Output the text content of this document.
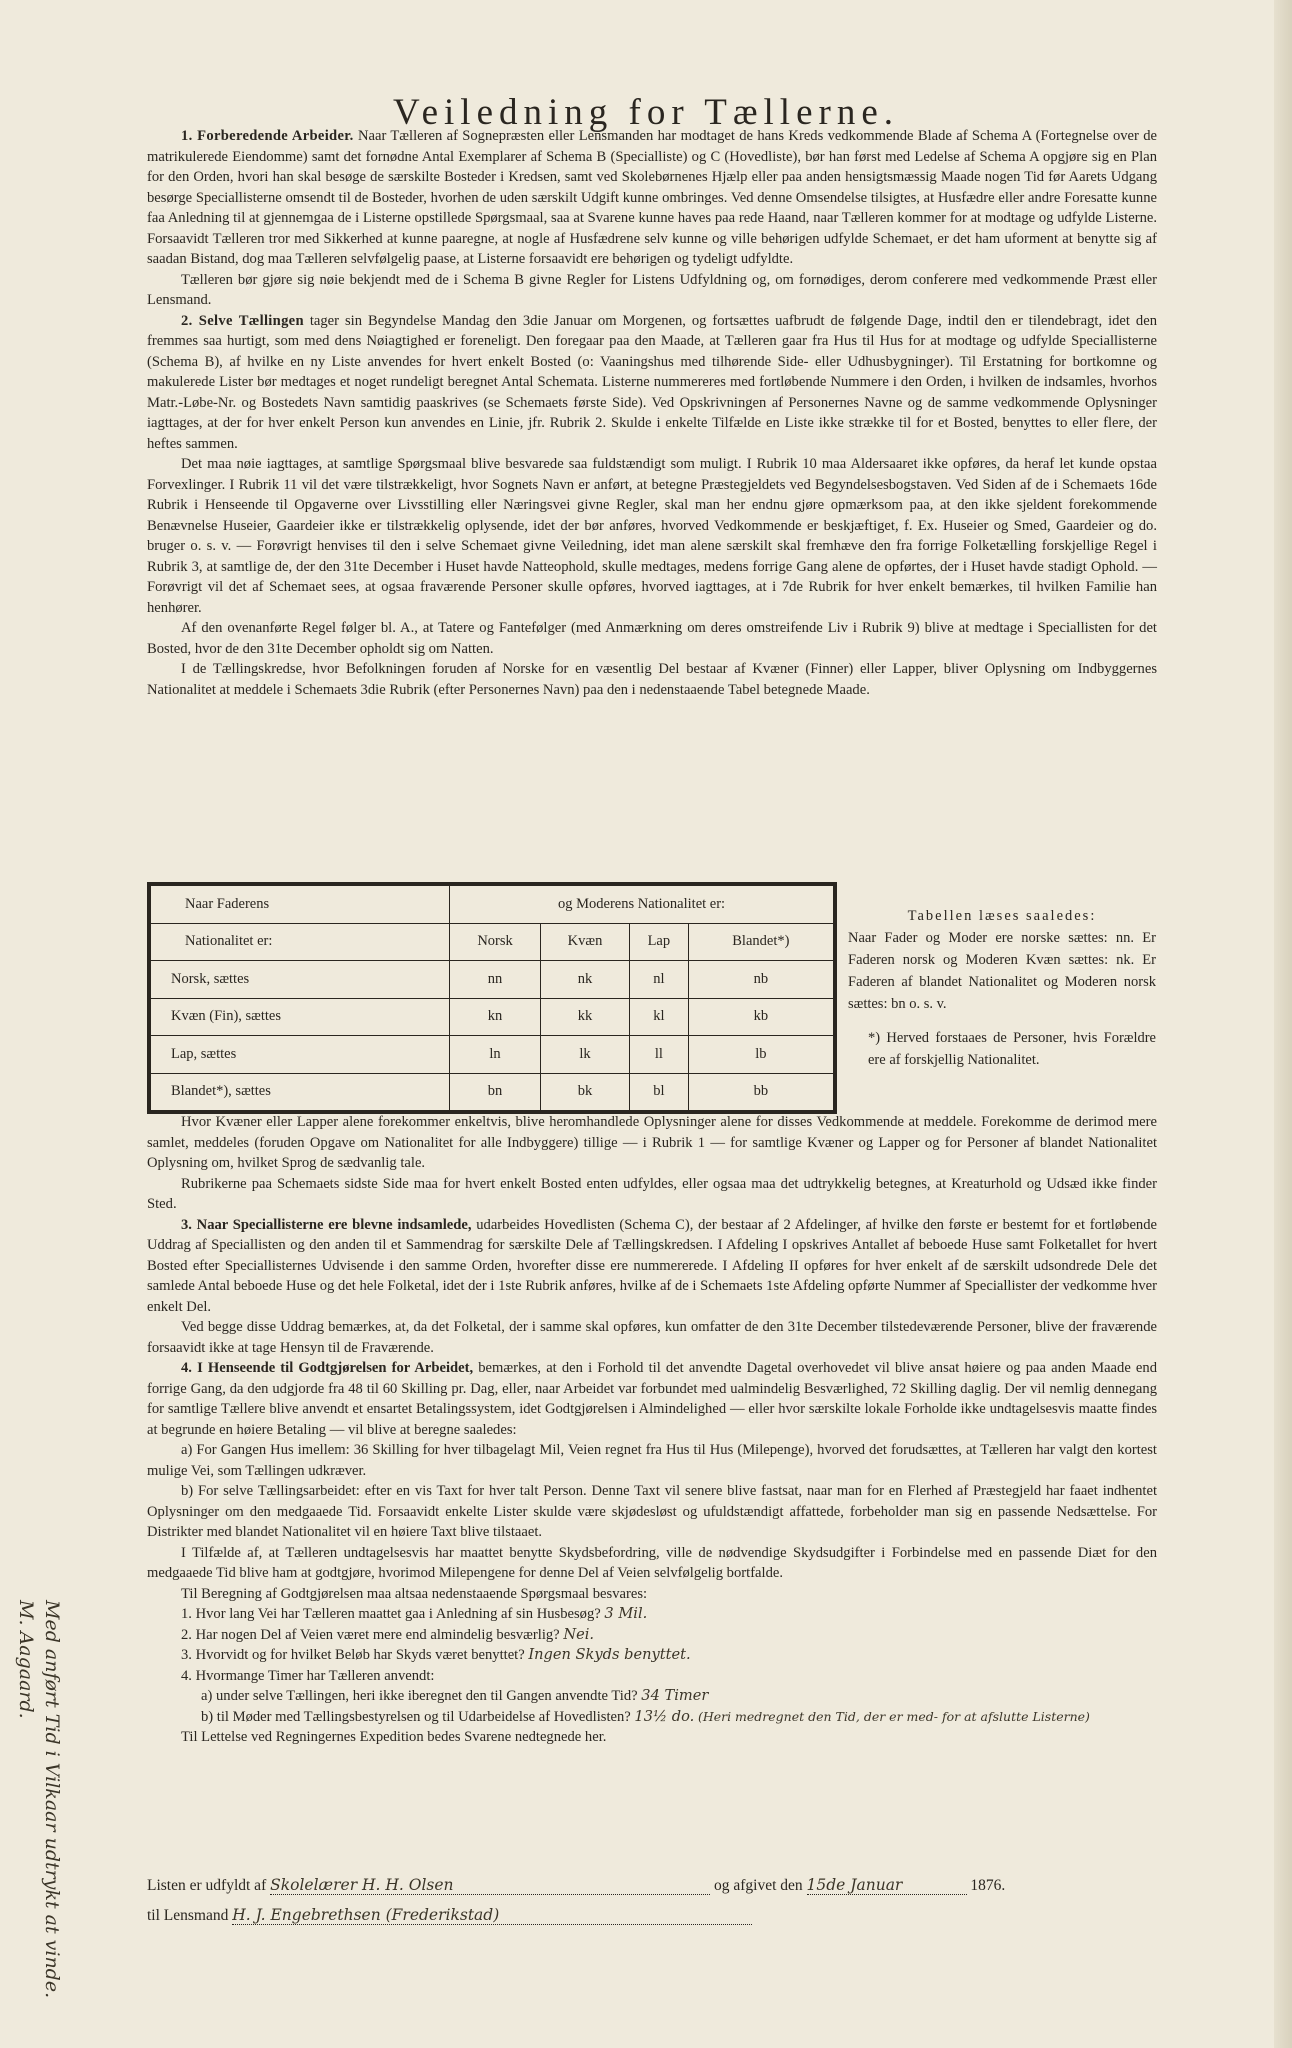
Veiledning for Tællerne.

1. Forberedende Arbeider. Naar Tælleren af Sognepræsten eller Lensmanden har modtaget de hans Kreds vedkommende Blade af Schema A (Fortegnelse over de matrikulerede Eiendomme) samt det fornødne Antal Exemplarer af Schema B (Specialliste) og C (Hovedliste), bør han først med Ledelse af Schema A opgjøre sig en Plan for den Orden, hvori han skal besøge de særskilte Bosteder i Kredsen, samt ved Skolebørnenes Hjælp eller paa anden hensigtsmæssig Maade nogen Tid før Aarets Udgang besørge Speciallisterne omsendt til de Bosteder, hvorhen de uden særskilt Udgift kunne ombringes. Ved denne Omsendelse tilsigtes, at Husfædre eller andre Foresatte kunne faa Anledning til at gjennemgaa de i Listerne opstillede Spørgsmaal, saa at Svarene kunne haves paa rede Haand, naar Tælleren kommer for at modtage og udfylde Listerne. Forsaavidt Tælleren tror med Sikkerhed at kunne paaregne, at nogle af Husfædrene selv kunne og ville behørigen udfylde Schemaet, er det ham uforment at benytte sig af saadan Bistand, dog maa Tælleren selvfølgelig paase, at Listerne forsaavidt ere behørigen og tydeligt udfyldte.

Tælleren bør gjøre sig nøie bekjendt med de i Schema B givne Regler for Listens Udfyldning og, om fornødiges, derom conferere med vedkommende Præst eller Lensmand.

2. Selve Tællingen tager sin Begyndelse Mandag den 3die Januar om Morgenen, og fortsættes uafbrudt de følgende Dage, indtil den er tilendebragt, idet den fremmes saa hurtigt, som med dens Nøiagtighed er foreneligt. Den foregaar paa den Maade, at Tælleren gaar fra Hus til Hus for at modtage og udfylde Speciallisterne (Schema B), af hvilke en ny Liste anvendes for hvert enkelt Bosted (o: Vaaningshus med tilhørende Side- eller Udhusbygninger). Til Erstatning for bortkomne og makulerede Lister bør medtages et noget rundeligt beregnet Antal Schemata. Listerne nummereres med fortløbende Nummere i den Orden, i hvilken de indsamles, hvorhos Matr.-Løbe-Nr. og Bostedets Navn samtidig paaskrives (se Schemaets første Side). Ved Opskrivningen af Personernes Navne og de samme vedkommende Oplysninger iagttages, at der for hver enkelt Person kun anvendes en Linie, jfr. Rubrik 2. Skulde i enkelte Tilfælde en Liste ikke strække til for et Bosted, benyttes to eller flere, der heftes sammen.

Det maa nøie iagttages, at samtlige Spørgsmaal blive besvarede saa fuldstændigt som muligt. I Rubrik 10 maa Aldersaaret ikke opføres, da heraf let kunde opstaa Forvexlinger. I Rubrik 11 vil det være tilstrækkeligt, hvor Sognets Navn er anført, at betegne Præstegjeldets ved Begyndelsesbogstaven. Ved Siden af de i Schemaets 16de Rubrik i Henseende til Opgaverne over Livsstilling eller Næringsvei givne Regler, skal man her endnu gjøre opmærksom paa, at den ikke sjeldent forekommende Benævnelse Huseier, Gaardeier ikke er tilstrækkelig oplysende, idet der bør anføres, hvorved Vedkommende er beskjæftiget, f. Ex. Huseier og Smed, Gaardeier og do. bruger o. s. v. — Forøvrigt henvises til den i selve Schemaet givne Veiledning, idet man alene særskilt skal fremhæve den fra forrige Folketælling forskjellige Regel i Rubrik 3, at samtlige de, der den 31te December i Huset havde Natteophold, skulle medtages, medens forrige Gang alene de opførtes, der i Huset havde stadigt Ophold. — Forøvrigt vil det af Schemaet sees, at ogsaa fraværende Personer skulle opføres, hvorved iagttages, at i 7de Rubrik for hver enkelt bemærkes, til hvilken Familie han henhører.

Af den ovenanførte Regel følger bl. A., at Tatere og Fantefølger (med Anmærkning om deres omstreifende Liv i Rubrik 9) blive at medtage i Speciallisten for det Bosted, hvor de den 31te December opholdt sig om Natten.

I de Tællingskredse, hvor Befolkningen foruden af Norske for en væsentlig Del bestaar af Kvæner (Finner) eller Lapper, bliver Oplysning om Indbyggernes Nationalitet at meddele i Schemaets 3die Rubrik (efter Personernes Navn) paa den i nedenstaaende Tabel betegnede Maade.

Naar Faderens	og Moderens Nationalitet er:			
Nationalitet er:	Norsk	Kvæn	Lap	Blandet*)
Norsk, sættes	nn	nk	nl	nb
Kvæn (Fin), sættes	kn	kk	kl	kb
Lap, sættes	ln	lk	ll	lb
Blandet*), sættes	bn	bk	bl	bb
Tabellen læses saaledes:
Naar Fader og Moder ere norske sættes: nn. Er Faderen norsk og Moderen Kvæn sættes: nk. Er Faderen af blandet Nationalitet og Moderen norsk sættes: bn o. s. v.
*) Herved forstaaes de Personer, hvis Forældre ere af forskjellig Nationalitet.

Hvor Kvæner eller Lapper alene forekommer enkeltvis, blive heromhandlede Oplysninger alene for disses Vedkommende at meddele. Forekomme de derimod mere samlet, meddeles (foruden Opgave om Nationalitet for alle Indbyggere) tillige — i Rubrik 1 — for samtlige Kvæner og Lapper og for Personer af blandet Nationalitet Oplysning om, hvilket Sprog de sædvanlig tale.

Rubrikerne paa Schemaets sidste Side maa for hvert enkelt Bosted enten udfyldes, eller ogsaa maa det udtrykkelig betegnes, at Kreaturhold og Udsæd ikke finder Sted.

3. Naar Speciallisterne ere blevne indsamlede, udarbeides Hovedlisten (Schema C), der bestaar af 2 Afdelinger, af hvilke den første er bestemt for et fortløbende Uddrag af Speciallisten og den anden til et Sammendrag for særskilte Dele af Tællingskredsen. I Afdeling I opskrives Antallet af beboede Huse samt Folketallet for hvert Bosted efter Speciallisternes Udvisende i den samme Orden, hvorefter disse ere nummererede. I Afdeling II opføres for hver enkelt af de særskilt udsondrede Dele det samlede Antal beboede Huse og det hele Folketal, idet der i 1ste Rubrik anføres, hvilke af de i Schemaets 1ste Afdeling opførte Nummer af Speciallister der vedkomme hver enkelt Del.

Ved begge disse Uddrag bemærkes, at, da det Folketal, der i samme skal opføres, kun omfatter de den 31te December tilstedeværende Personer, blive der fraværende forsaavidt ikke at tage Hensyn til de Fraværende.

4. I Henseende til Godtgjørelsen for Arbeidet, bemærkes, at den i Forhold til det anvendte Dagetal overhovedet vil blive ansat høiere og paa anden Maade end forrige Gang, da den udgjorde fra 48 til 60 Skilling pr. Dag, eller, naar Arbeidet var forbundet med ualmindelig Besværlighed, 72 Skilling daglig. Der vil nemlig dennegang for samtlige Tællere blive anvendt et ensartet Betalingssystem, idet Godtgjørelsen i Almindelighed — eller hvor særskilte lokale Forholde ikke undtagelsesvis maatte findes at begrunde en høiere Betaling — vil blive at beregne saaledes:

a) For Gangen Hus imellem: 36 Skilling for hver tilbagelagt Mil, Veien regnet fra Hus til Hus (Milepenge), hvorved det forudsættes, at Tælleren har valgt den kortest mulige Vei, som Tællingen udkræver.

b) For selve Tællingsarbeidet: efter en vis Taxt for hver talt Person. Denne Taxt vil senere blive fastsat, naar man for en Flerhed af Præstegjeld har faaet indhentet Oplysninger om den medgaaede Tid. Forsaavidt enkelte Lister skulde være skjødesløst og ufuldstændigt affattede, forbeholder man sig en passende Nedsættelse. For Distrikter med blandet Nationalitet vil en høiere Taxt blive tilstaaet.

I Tilfælde af, at Tælleren undtagelsesvis har maattet benytte Skydsbefordring, ville de nødvendige Skydsudgifter i Forbindelse med en passende Diæt for den medgaaede Tid blive ham at godtgjøre, hvorimod Milepengene for denne Del af Veien selvfølgelig bortfalde.

Til Beregning af Godtgjørelsen maa altsaa nedenstaaende Spørgsmaal besvares:

1. Hvor lang Vei har Tælleren maattet gaa i Anledning af sin Husbesøg? 3 Mil.
2. Har nogen Del af Veien været mere end almindelig besværlig? Nei.
3. Hvorvidt og for hvilket Beløb har Skyds været benyttet? Ingen Skyds benyttet.
4. Hvormange Timer har Tælleren anvendt:
a) under selve Tællingen, heri ikke iberegnet den til Gangen anvendte Tid? 34 Timer
b) til Møder med Tællingsbestyrelsen og til Udarbeidelse af Hovedlisten? 13½ do. (Heri medregnet den Tid, der er med- for at afslutte Listerne)

Til Lettelse ved Regningernes Expedition bedes Svarene nedtegnede her.

Listen er udfyldt af Skolelærer H. H. Olsen	og afgivet den 15de Januar	1876.
til Lensmand H. J. Engebrethsen (Frederikstad)
Med anført Tid i Vilkaar udtrykt at vinde. M. Aagaard.
